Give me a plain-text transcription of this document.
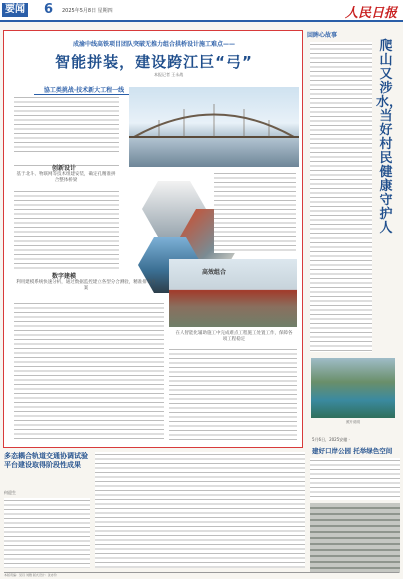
要闻 6 2025年5月8日 星期四	人民日报
成渝中线高铁项目团队突破无推力组合拱桥设计施工难点——
智能拼装，建设跨江巨“弓”
本报记者 王永战
協工类挑战·技术新大工程一线
创新设计
基于北斗、物联网等技术组建安装，确定孔精准拼合整体桥梁
数字建模
利用建模系统快速分析，通过数据监控建立各型分合测验，精准排布方案
高效组合
在人智能化辅助施工中完成难点工程施工处置工作，保障各项工程稳定
回眸心故事
爬山又涉水，当好村民健康守护人
照片说明
多态耦合轨道交通协调试验平台建设取得阶段性成果
何迎生
5月6日，2025安徽 ·
建好口岸公园 托举绿色空间
本版责编：吴丹 刘雅 版式设计：沈亦伶
